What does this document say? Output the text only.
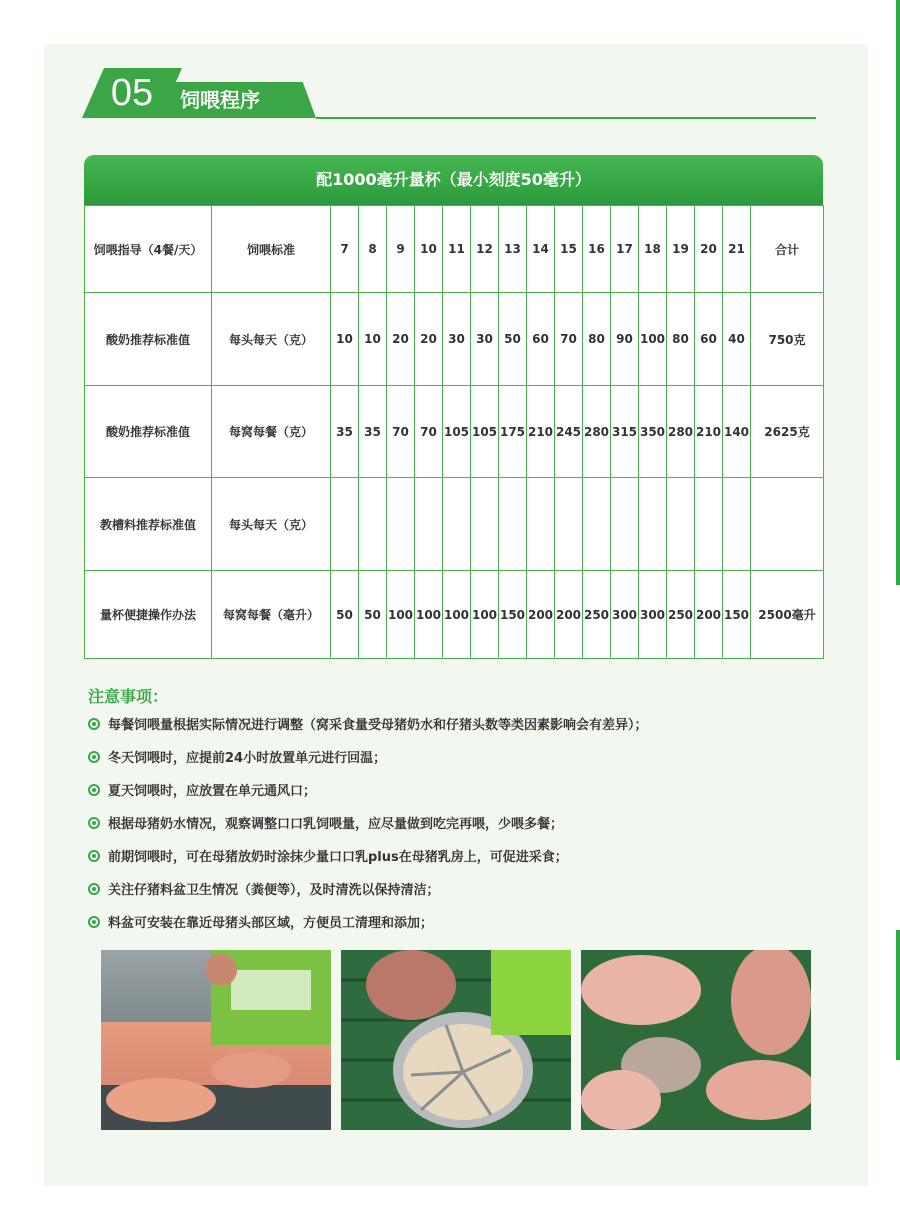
05	饲喂程序
配1000毫升量杯（最小刻度50毫升）
饲喂指导（4餐/天）	饲喂标准	7	8	9	10	11	12	13	14	15	16	17	18	19	20	21	合计
酸奶推荐标准值	每头每天（克）	10	10	20	20	30	30	50	60	70	80	90	100	80	60	40	750克
酸奶推荐标准值	每窝每餐（克）	35	35	70	70	105	105	175	210	245	280	315	350	280	210	140	2625克
教槽料推荐标准值	每头每天（克）																
量杯便捷操作办法	每窝每餐（毫升）	50	50	100	100	100	100	150	200	200	250	300	300	250	200	150	2500毫升
注意事项：
每餐饲喂量根据实际情况进行调整（窝采食量受母猪奶水和仔猪头数等类因素影响会有差异）；
冬天饲喂时，应提前24小时放置单元进行回温；
夏天饲喂时，应放置在单元通风口；
根据母猪奶水情况，观察调整口口乳饲喂量，应尽量做到吃完再喂，少喂多餐；
前期饲喂时，可在母猪放奶时涂抹少量口口乳plus在母猪乳房上，可促进采食；
关注仔猪料盆卫生情况（粪便等），及时清洗以保持清洁；
料盆可安装在靠近母猪头部区域，方便员工清理和添加；
